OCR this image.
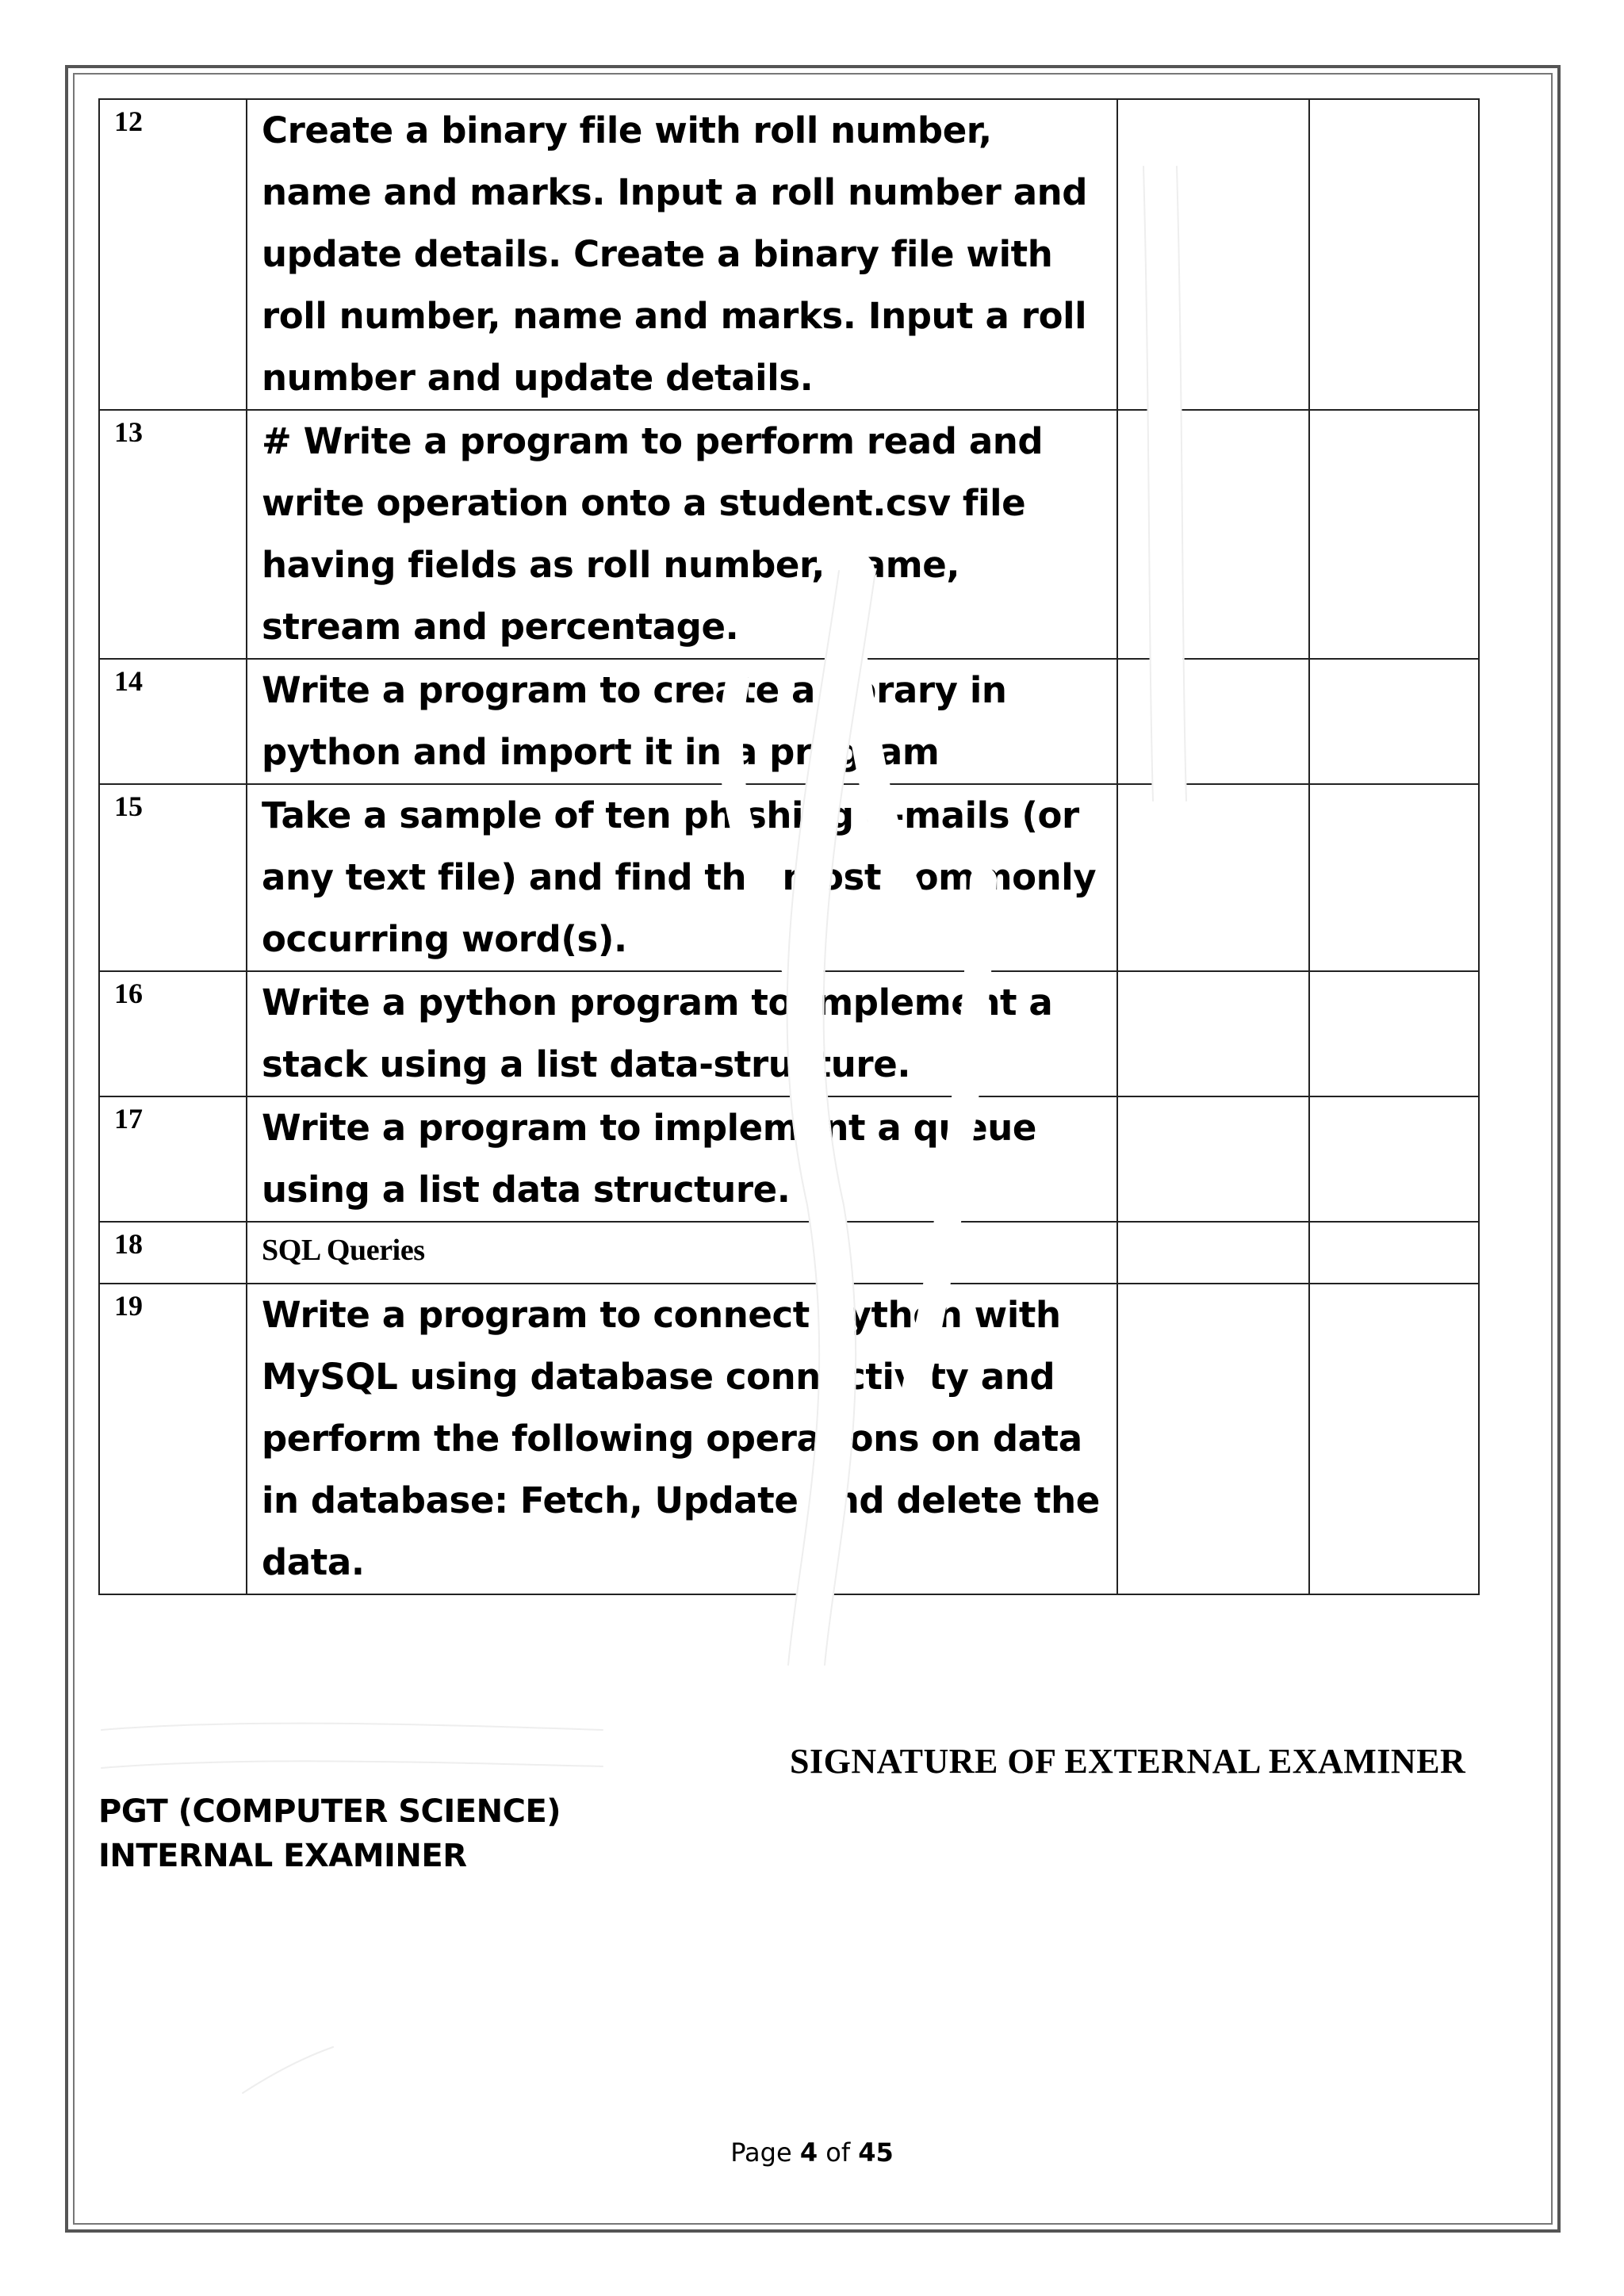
12	Create a binary file with roll number, name and marks. Input a roll number and update details. Create a binary file with roll number, name and marks. Input a roll number and update details.		
13	# Write a program to perform read and write operation onto a student.csv file having fields as roll number, name, stream and percentage.		
14	Write a program to create a library in python and import it in a program		
15	Take a sample of ten phishing e-mails (or any text file) and find the most commonly occurring word(s).		
16	Write a python program to implement a stack using a list data-structure.		
17	Write a program to implement a queue using a list data structure.		
18	SQL Queries		
19	Write a program to connect Python with MySQL using database connectivity and perform the following operations on data in database: Fetch, Update and delete the data.		
SIGNATURE OF EXTERNAL EXAMINER
PGT (COMPUTER SCIENCE)
INTERNAL EXAMINER
Page 4 of 45
